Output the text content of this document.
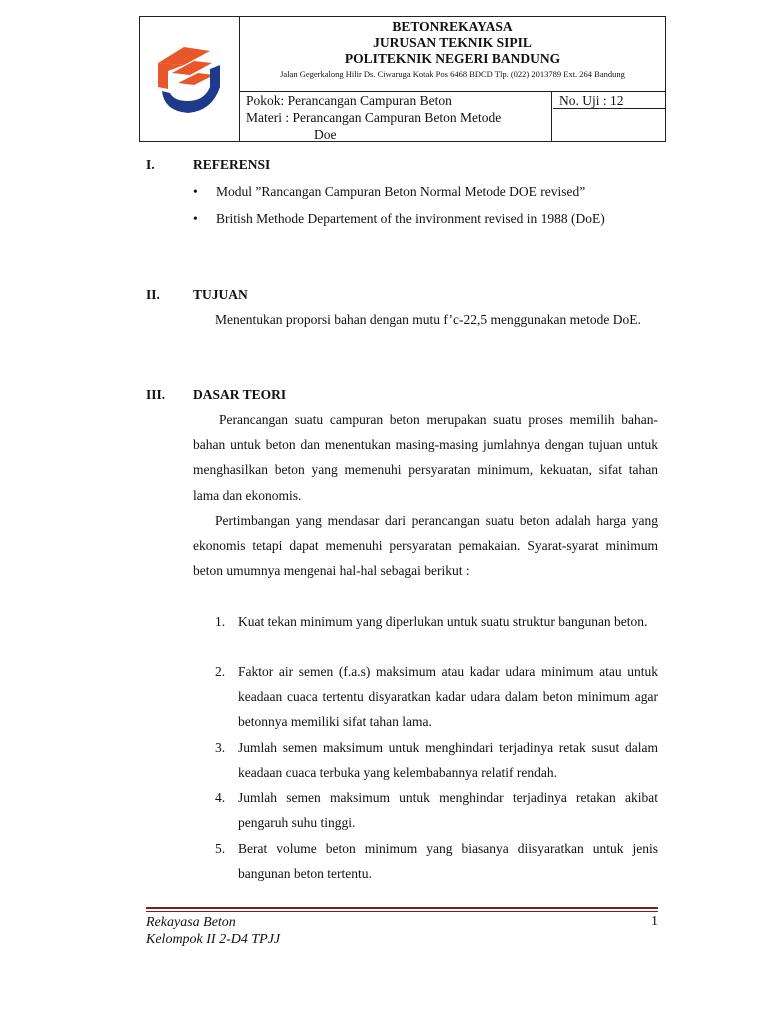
BETONREKAYASA
JURUSAN TEKNIK SIPIL
POLITEKNIK NEGERI BANDUNG
Jalan Gegerkalong Hilir Ds. Ciwaruga Kotak Pos 6468 BDCD Tlp. (022) 2013789 Ext. 264 Bandung
Pokok: Perancangan Campuran Beton
Materi : Perancangan Campuran Beton Metode
Doe
No. Uji : 12
I.	REFERENSI
• Modul ”Rancangan Campuran Beton Normal Metode DOE revised”
• British Methode Departement of the invironment revised in 1988 (DoE)
II. TUJUAN
Menentukan proporsi bahan dengan mutu f’c-22,5 menggunakan metode DoE.
III. DASAR TEORI
Perancangan suatu campuran beton merupakan suatu proses memilih bahan-bahan untuk beton dan menentukan masing-masing jumlahnya dengan tujuan untuk menghasilkan beton yang memenuhi persyaratan minimum, kekuatan, sifat tahan lama dan ekonomis.
Pertimbangan yang mendasar dari perancangan suatu beton adalah harga yang ekonomis tetapi dapat memenuhi persyaratan pemakaian. Syarat-syarat minimum beton umumnya mengenai hal-hal sebagai berikut :
1. Kuat tekan minimum yang diperlukan untuk suatu struktur bangunan beton.
2. Faktor air semen (f.a.s) maksimum atau kadar udara minimum atau untuk keadaan cuaca tertentu disyaratkan kadar udara dalam beton minimum agar betonnya memiliki sifat tahan lama.
3. Jumlah semen maksimum untuk menghindari terjadinya retak susut dalam keadaan cuaca terbuka yang kelembabannya relatif rendah.
4. Jumlah semen maksimum untuk menghindar terjadinya retakan akibat pengaruh suhu tinggi.
5. Berat volume beton minimum yang biasanya diisyaratkan untuk jenis bangunan beton tertentu.
Rekayasa Beton
Kelompok II 2-D4 TPJJ
1
